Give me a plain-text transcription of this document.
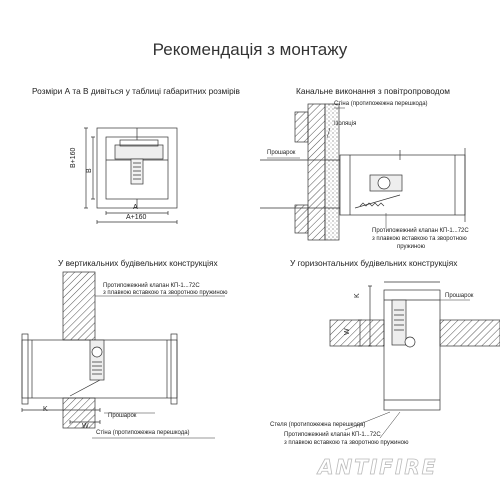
Рекомендація з монтажу
Розміри А та В дивіться у таблиці габаритних розмірів	Канальне виконання з повітропроводом
У вертикальних будівельних конструкціях	У горизонтальних будівельних конструкціях
B+160
B
A
A+160
Стіна (протипожежна перешкода)
Ізоляція
Прошарок
Протипожежний клапан КП-1...72С
з плавкою вставкою та зворотною
пружиною
Протипожежний клапан КП-1...72С
з плавкою вставкою та зворотною пружиною
Прошарок
Стіна (протипожежна перешкода)
K
W
Прошарок
Стеля (протипожежна перешкода)
Протипожежний клапан КП-1...72С
з плавкою вставкою та зворотною пружиною
K
W
ANTIFIRE
